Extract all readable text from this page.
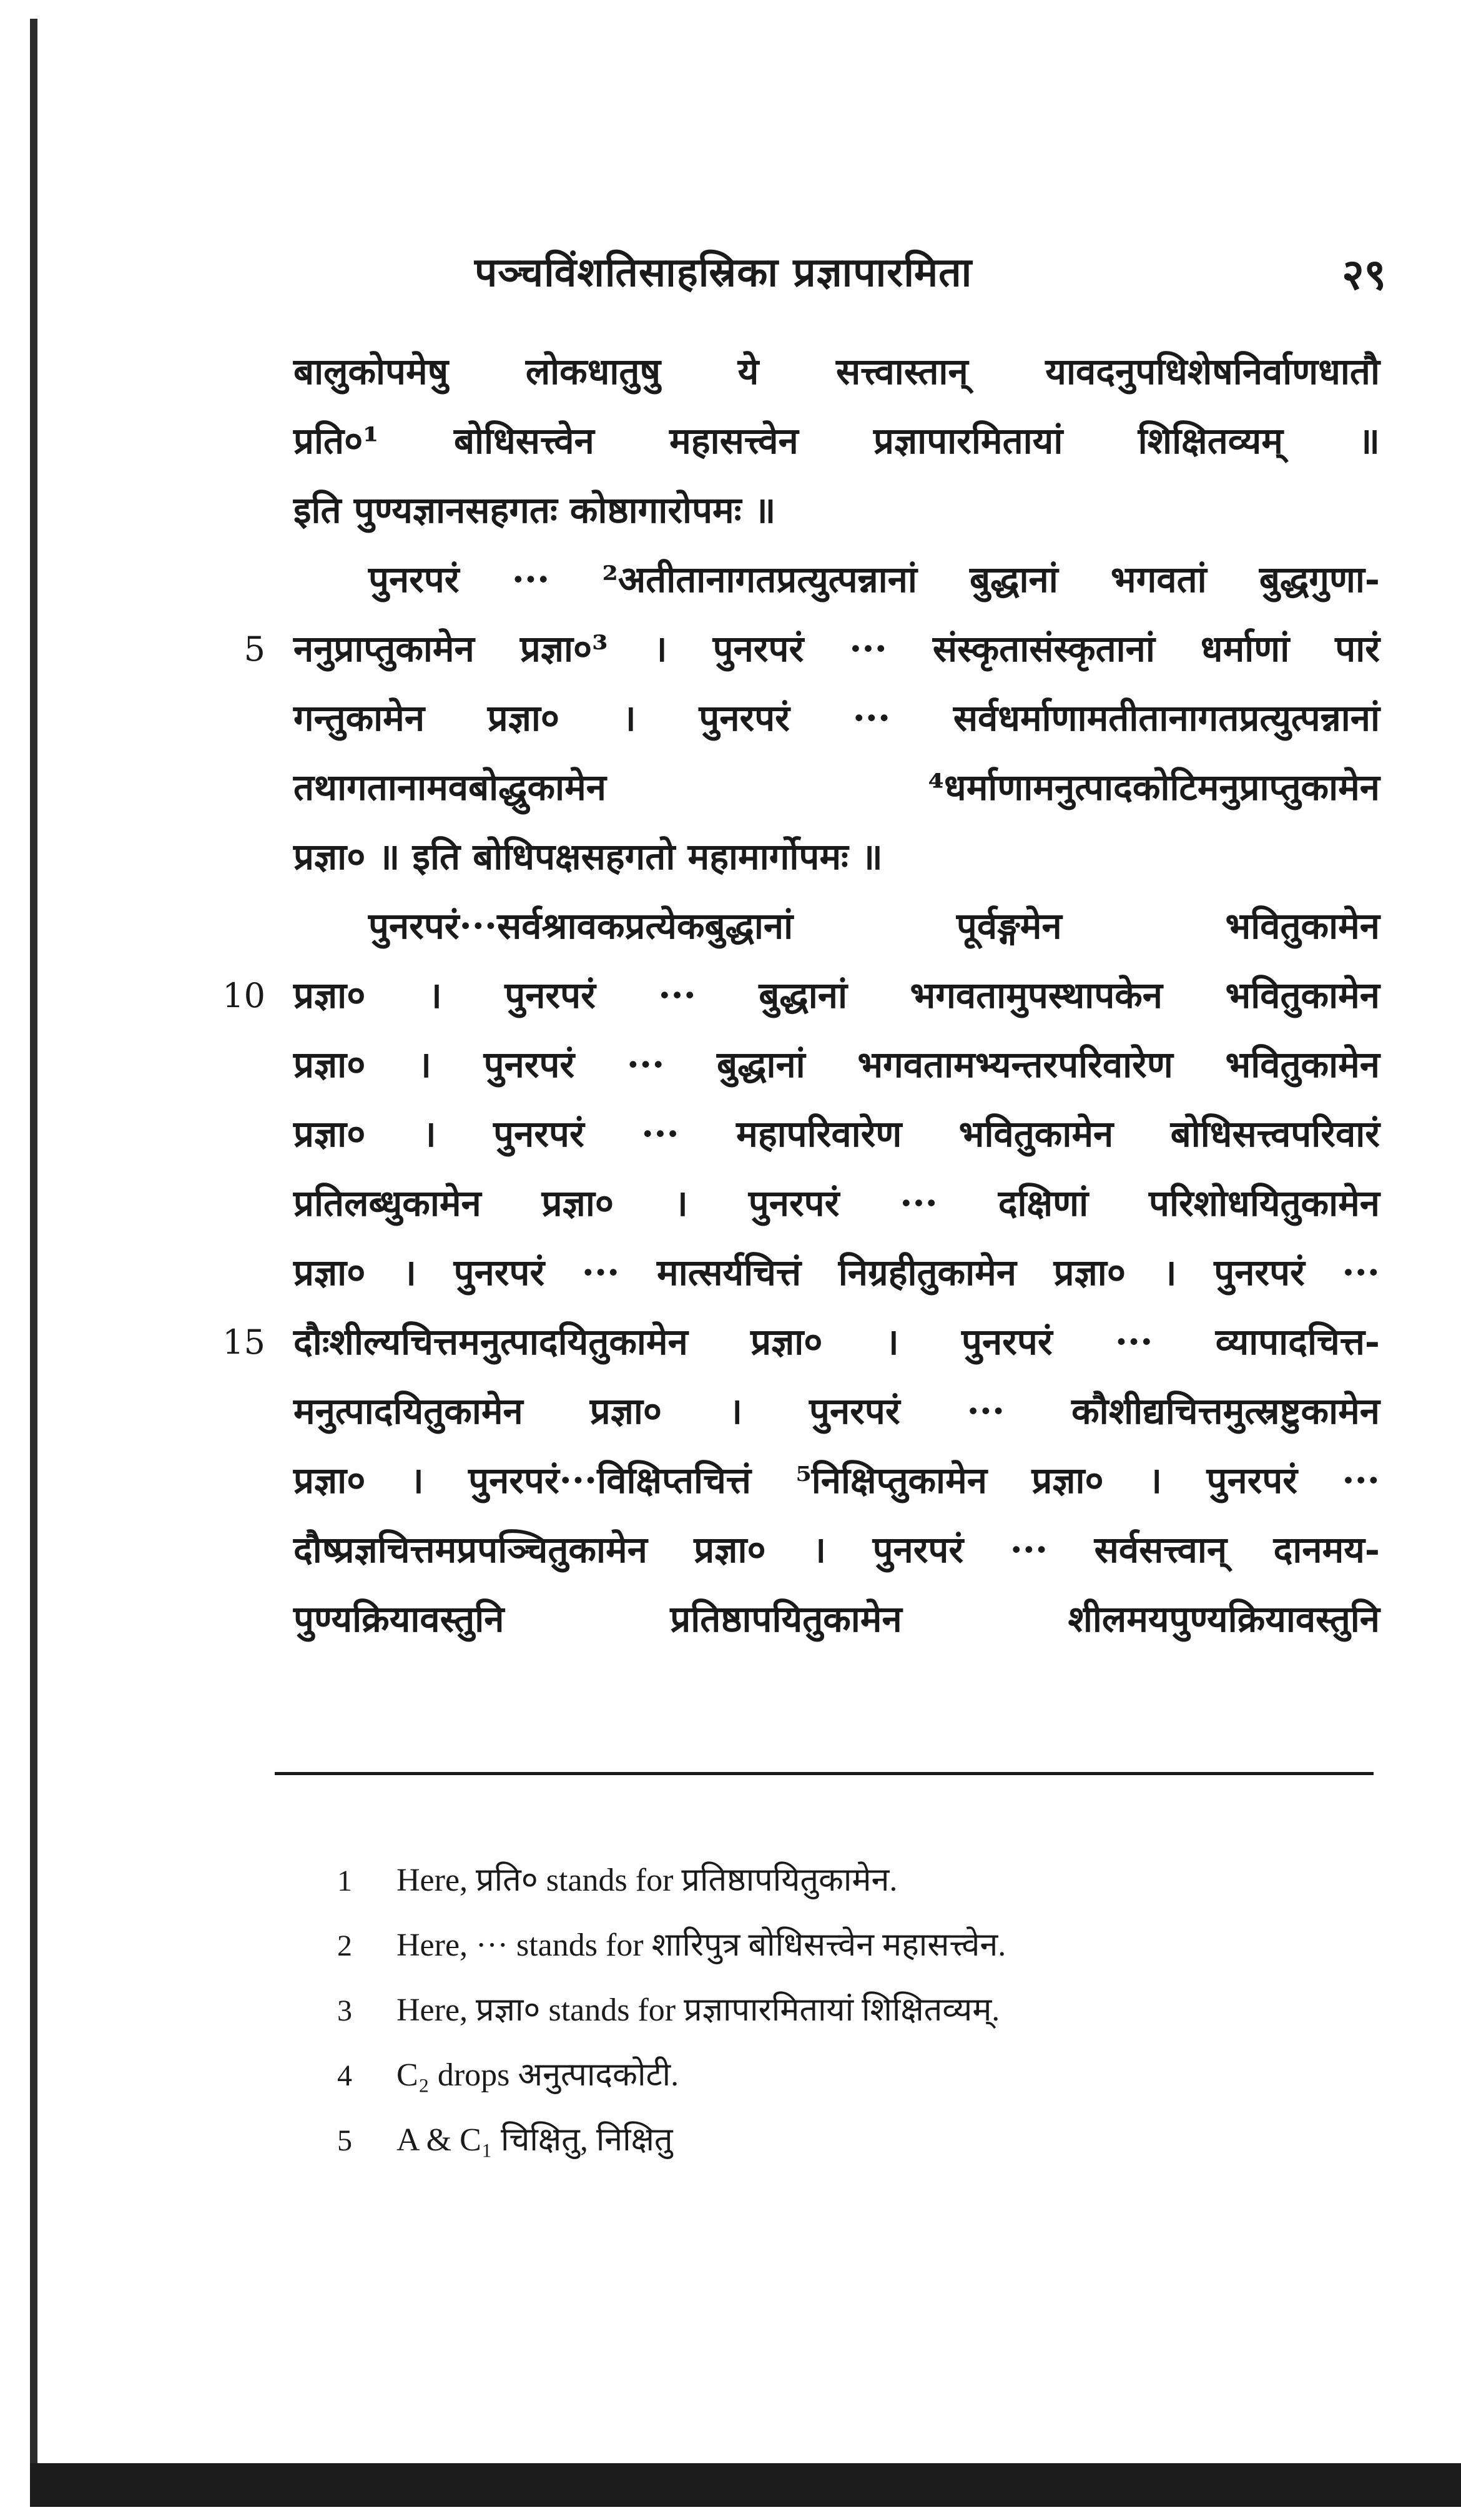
पञ्चविंशतिसाहस्रिका प्रज्ञापारमिता	२९
बालुकोपमेषु लोकधातुषु ये सत्त्वास्तान् यावदनुपधिशेषनिर्वाणधातौ
प्रति०¹ बोधिसत्त्वेन महासत्त्वेन प्रज्ञापारमितायां शिक्षितव्यम् ॥
इति पुण्यज्ञानसहगतः कोष्ठागारोपमः ॥
पुनरपरं ··· ²अतीतानागतप्रत्युत्पन्नानां बुद्धानां भगवतां बुद्धगुणा-
5 ननुप्राप्तुकामेन प्रज्ञा०³ । पुनरपरं ··· संस्कृतासंस्कृतानां धर्माणां पारं
गन्तुकामेन प्रज्ञा० । पुनरपरं ··· सर्वधर्माणामतीतानागतप्रत्युत्पन्नानां
तथागतानामवबोद्धुकामेन ⁴धर्माणामनुत्पादकोटिमनुप्राप्तुकामेन
प्रज्ञा० ॥ इति बोधिपक्षसहगतो महामार्गोपमः ॥
पुनरपरं···सर्वश्रावकप्रत्येकबुद्धानां पूर्वङ्गमेन भवितुकामेन
10 प्रज्ञा० । पुनरपरं ··· बुद्धानां भगवतामुपस्थापकेन भवितुकामेन
प्रज्ञा० । पुनरपरं ··· बुद्धानां भगवतामभ्यन्तरपरिवारेण भवितुकामेन
प्रज्ञा० । पुनरपरं ··· महापरिवारेण भवितुकामेन बोधिसत्त्वपरिवारं
प्रतिलब्धुकामेन प्रज्ञा० । पुनरपरं ··· दक्षिणां परिशोधयितुकामेन
प्रज्ञा० । पुनरपरं ··· मात्सर्यचित्तं निग्रहीतुकामेन प्रज्ञा० । पुनरपरं ···
15 दौःशील्यचित्तमनुत्पादयितुकामेन प्रज्ञा० । पुनरपरं ··· व्यापादचित्त-
मनुत्पादयितुकामेन प्रज्ञा० । पुनरपरं ··· कौशीद्यचित्तमुत्स्रष्टुकामेन
प्रज्ञा० । पुनरपरं···विक्षिप्तचित्तं ⁵निक्षिप्तुकामेन प्रज्ञा० । पुनरपरं ···
दौष्प्रज्ञचित्तमप्रपञ्चितुकामेन प्रज्ञा० । पुनरपरं ··· सर्वसत्त्वान् दानमय-
पुण्यक्रियावस्तुनि प्रतिष्ठापयितुकामेन शीलमयपुण्यक्रियावस्तुनि
1 Here, प्रति० stands for प्रतिष्ठापयितुकामेन.
2 Here, ··· stands for शारिपुत्र बोधिसत्त्वेन महासत्त्वेन.
3 Here, प्रज्ञा० stands for प्रज्ञापारमितायां शिक्षितव्यम्.
4 C₂ drops अनुत्पादकोटी.
5 A & C₁ चिक्षितु, निक्षितु
